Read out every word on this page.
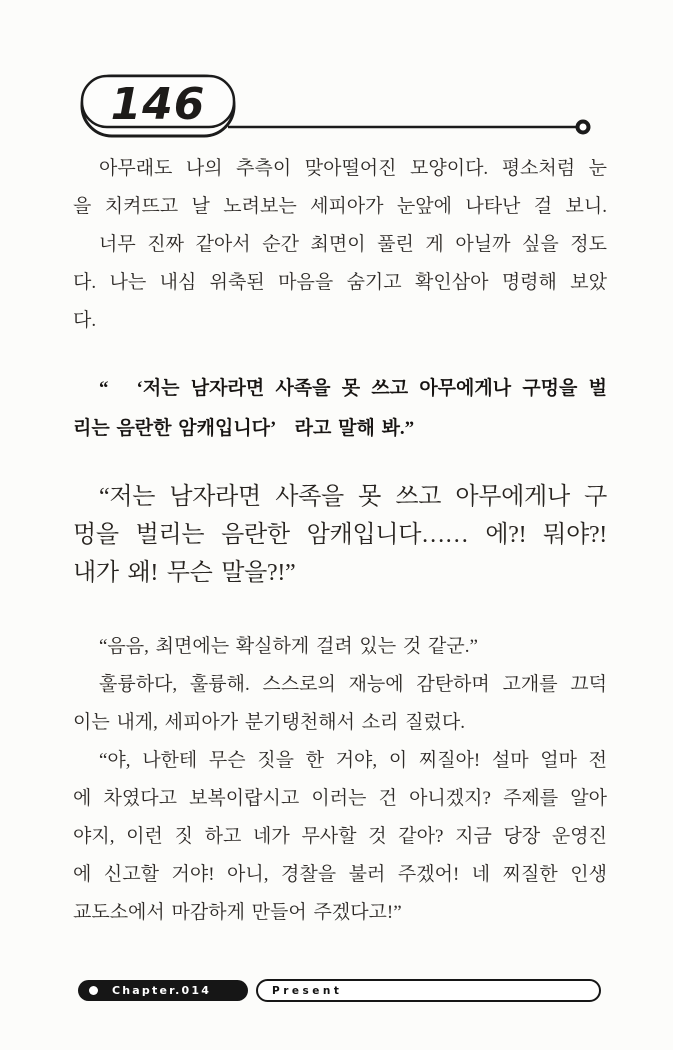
146
아무래도 나의 추측이 맞아떨어진 모양이다. 평소처럼 눈
을 치켜뜨고 날 노려보는 세피아가 눈앞에 나타난 걸 보니.
너무 진짜 같아서 순간 최면이 풀린 게 아닐까 싶을 정도
다. 나는 내심 위축된 마음을 숨기고 확인삼아 명령해 보았
다.
“　‘저는 남자라면 사족을 못 쓰고 아무에게나 구멍을 벌
리는 음란한 암캐입니다’　라고 말해 봐.”
“저는 남자라면 사족을 못 쓰고 아무에게나 구
멍을 벌리는 음란한 암캐입니다…… 에?! 뭐야?!
내가 왜! 무슨 말을?!”
“음음, 최면에는 확실하게 걸려 있는 것 같군.”
훌륭하다, 훌륭해. 스스로의 재능에 감탄하며 고개를 끄덕
이는 내게, 세피아가 분기탱천해서 소리 질렀다.
“야, 나한테 무슨 짓을 한 거야, 이 찌질아! 설마 얼마 전
에 차였다고 보복이랍시고 이러는 건 아니겠지? 주제를 알아
야지, 이런 짓 하고 네가 무사할 것 같아? 지금 당장 운영진
에 신고할 거야! 아니, 경찰을 불러 주겠어! 네 찌질한 인생
교도소에서 마감하게 만들어 주겠다고!”
Chapter.014	Present
